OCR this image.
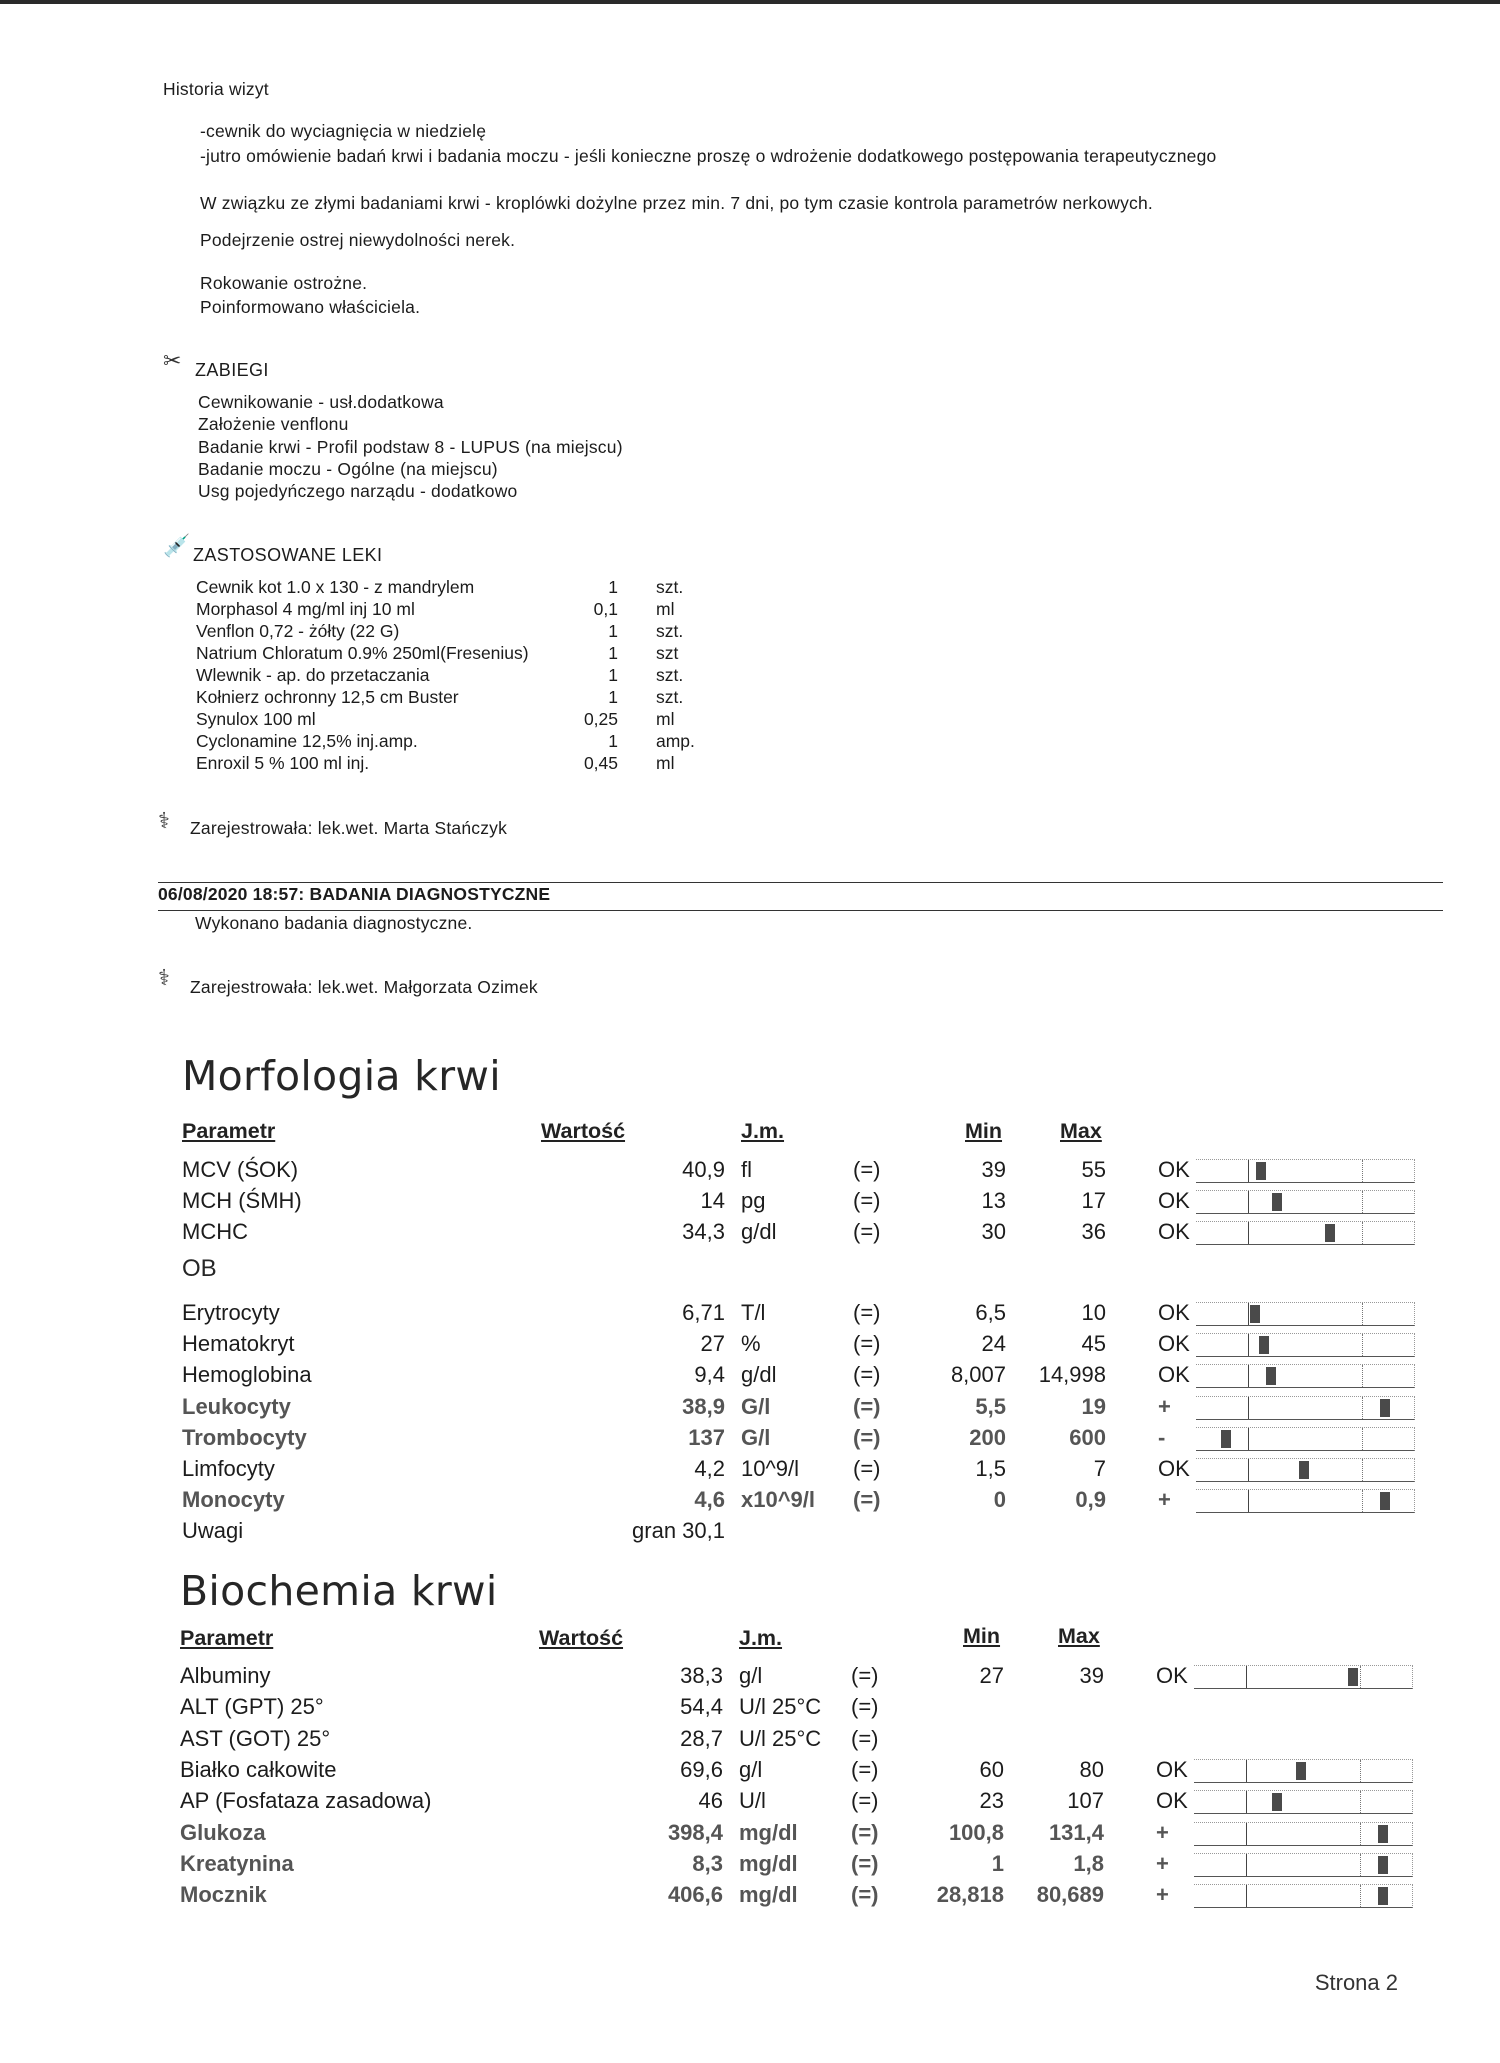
Historia wizyt
-cewnik do wyciagnięcia w niedzielę
-jutro omówienie badań krwi i badania moczu - jeśli konieczne proszę o wdrożenie dodatkowego postępowania terapeutycznego
W związku ze złymi badaniami krwi - kroplówki dożylne przez min. 7 dni, po tym czasie kontrola parametrów nerkowych.
Podejrzenie ostrej niewydolności nerek.
Rokowanie ostrożne.
Poinformowano właściciela.
✂ ZABIEGI
Cewnikowanie - usł.dodatkowa
Założenie venflonu
Badanie krwi - Profil podstaw 8 - LUPUS (na miejscu)
Badanie moczu - Ogólne (na miejscu)
Usg pojedyńczego narządu - dodatkowo
💉 ZASTOSOWANE LEKI
Cewnik kot 1.0 x 130 - z mandrylem	1 szt.
Morphasol 4 mg/ml inj 10 ml	0,1 ml
Venflon 0,72 - żółty (22 G)	1 szt.
Natrium Chloratum 0.9% 250ml(Fresenius)	1 szt
Wlewnik - ap. do przetaczania	1 szt.
Kołnierz ochronny 12,5 cm Buster	1 szt.
Synulox 100 ml	0,25 ml
Cyclonamine 12,5% inj.amp.	1 amp.
Enroxil 5 % 100 ml inj.	0,45 ml
⚕ Zarejestrowała: lek.wet. Marta Stańczyk
06/08/2020 18:57: BADANIA DIAGNOSTYCZNE
Wykonano badania diagnostyczne.
⚕ Zarejestrowała: lek.wet. Małgorzata Ozimek
Morfologia krwi
Parametr	Wartość	J.m.	Min	Max
MCV (ŚOK)	40,9 fl	(=)	39	55 OK
MCH (ŚMH)	14 pg	(=)	13	17 OK
MCHC	34,3 g/dl	(=)	30	36 OK
OB
Erytrocyty	6,71 T/l	(=)	6,5	10 OK
Hematokryt	27 %	(=)	24	45 OK
Hemoglobina	9,4 g/dl	(=)	8,007 14,998 OK
Leukocyty	38,9 G/l	(=)	5,5	19 +
Trombocyty	137 G/l	(=)	200	600 -
Limfocyty	4,2 10^9/l (=)	1,5	7 OK
Monocyty	4,6 x10^9/l (=)	0	0,9 +
Uwagi	gran 30,1
Biochemia krwi
Parametr	Wartość	J.m.	Min	Max
Albuminy	38,3 g/l	(=)	27	39 OK
ALT (GPT) 25°	54,4 U/l 25°C (=)
AST (GOT) 25°	28,7 U/l 25°C (=)
Białko całkowite	69,6 g/l	(=)	60	80 OK
AP (Fosfataza zasadowa)	46 U/l	(=)	23	107 OK
Glukoza	398,4 mg/dl (=)	100,8 131,4 +
Kreatynina	8,3 mg/dl (=)	1	1,8 +
Mocznik	406,6 mg/dl (=)	28,818 80,689 +
Strona 2
